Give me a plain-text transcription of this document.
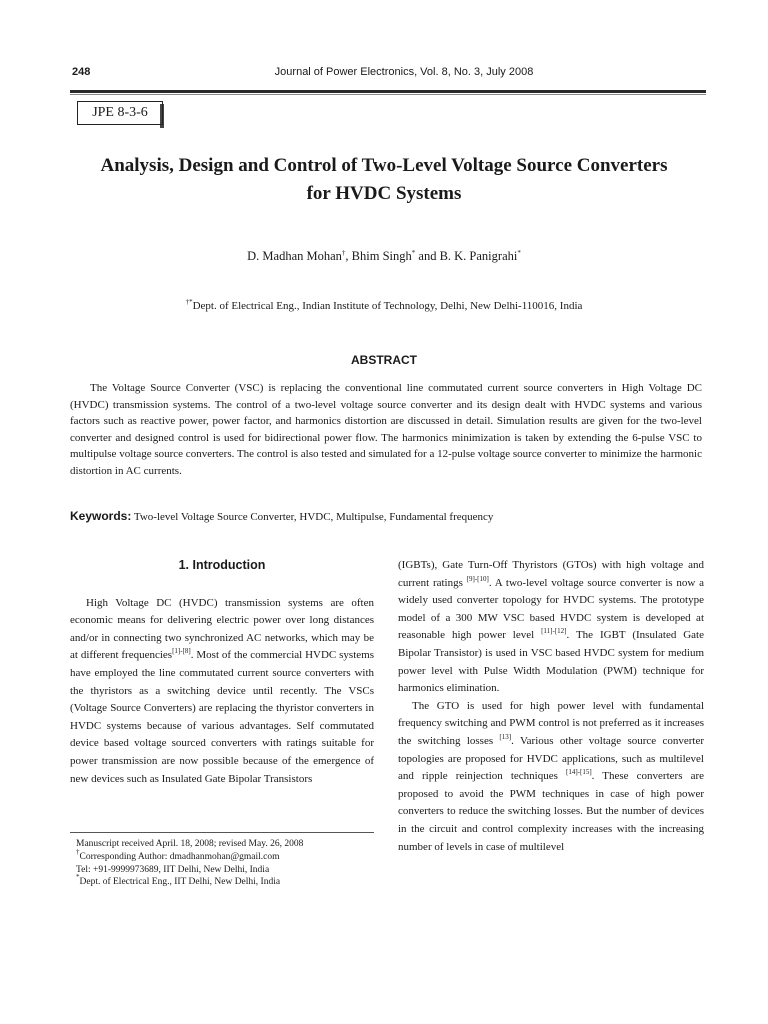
248	Journal of Power Electronics, Vol. 8, No. 3, July 2008
JPE 8-3-6
Analysis, Design and Control of Two-Level Voltage Source Converters
for HVDC Systems
D. Madhan Mohan†, Bhim Singh* and B. K. Panigrahi*
†*Dept. of Electrical Eng., Indian Institute of Technology, Delhi, New Delhi-110016, India
ABSTRACT
The Voltage Source Converter (VSC) is replacing the conventional line commutated current source converters in High Voltage DC (HVDC) transmission systems. The control of a two-level voltage source converter and its design dealt with HVDC systems and various factors such as reactive power, power factor, and harmonics distortion are discussed in detail. Simulation results are given for the two-level converter and designed control is used for bidirectional power flow. The harmonics minimization is taken by extending the 6-pulse VSC to multipulse voltage source converters. The control is also tested and simulated for a 12-pulse voltage source converter to minimize the harmonic distortion in AC currents.
Keywords: Two-level Voltage Source Converter, HVDC, Multipulse, Fundamental frequency
1. Introduction

High Voltage DC (HVDC) transmission systems are often economic means for delivering electric power over long distances and/or in connecting two synchronized AC networks, which may be at different frequencies[1]-[8]. Most of the commercial HVDC systems have employed the line commutated current source converters with the thyristors as a switching device until recently. The VSCs (Voltage Source Converters) are replacing the thyristor converters in HVDC systems because of various advantages. Self commutated device based voltage sourced converters with ratings suitable for power transmission are now possible because of the emergence of new devices such as Insulated Gate Bipolar Transistors

(IGBTs), Gate Turn-Off Thyristors (GTOs) with high voltage and current ratings [9]-[10]. A two-level voltage source converter is now a widely used converter topology for HVDC systems. The prototype model of a 300 MW VSC based HVDC system is developed at reasonable high power level [11]-[12]. The IGBT (Insulated Gate Bipolar Transistor) is used in VSC based HVDC system for medium power level with Pulse Width Modulation (PWM) technique for harmonics elimination.

The GTO is used for high power level with fundamental frequency switching and PWM control is not preferred as it increases the switching losses [13]. Various other voltage source converter topologies are proposed for HVDC applications, such as multilevel and ripple reinjection techniques [14]-[15]. These converters are proposed to avoid the PWM techniques in case of high power converters to reduce the switching losses. But the number of devices in the circuit and control complexity increases with the increasing number of levels in case of multilevel

Manuscript received April. 18, 2008; revised May. 26, 2008
†Corresponding Author: dmadhanmohan@gmail.com
Tel: +91-9999973689, IIT Delhi, New Delhi, India
*Dept. of Electrical Eng., IIT Delhi, New Delhi, India
